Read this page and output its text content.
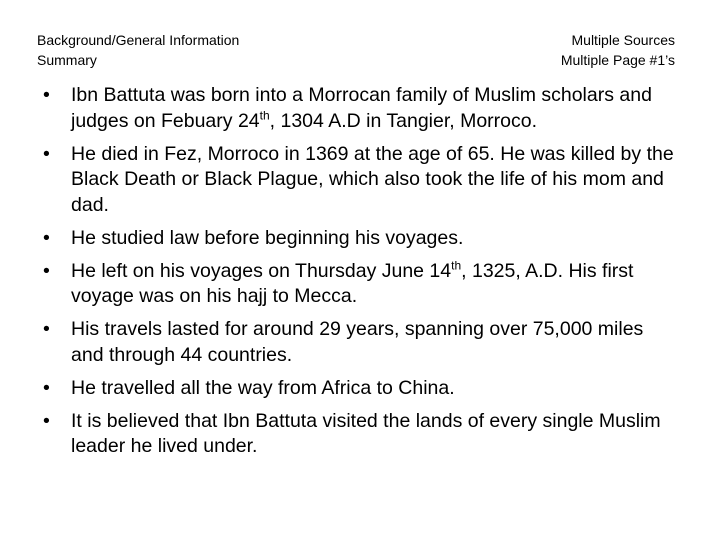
Background/General Information
Summary
Multiple Sources
Multiple Page #1’s
• Ibn Battuta was born into a Morrocan family of Muslim scholars and judges on Febuary 24th, 1304 A.D in Tangier, Morroco.
• He died in Fez, Morroco in 1369 at the age of 65. He was killed by the Black Death or Black Plague, which also took the life of his mom and dad.
• He studied law before beginning his voyages.
• He left on his voyages on Thursday June 14th, 1325, A.D. His first voyage was on his hajj to Mecca.
• His travels lasted for around 29 years, spanning over 75,000 miles and through 44 countries.
• He travelled all the way from Africa to China.
• It is believed that Ibn Battuta visited the lands of every single Muslim leader he lived under.
